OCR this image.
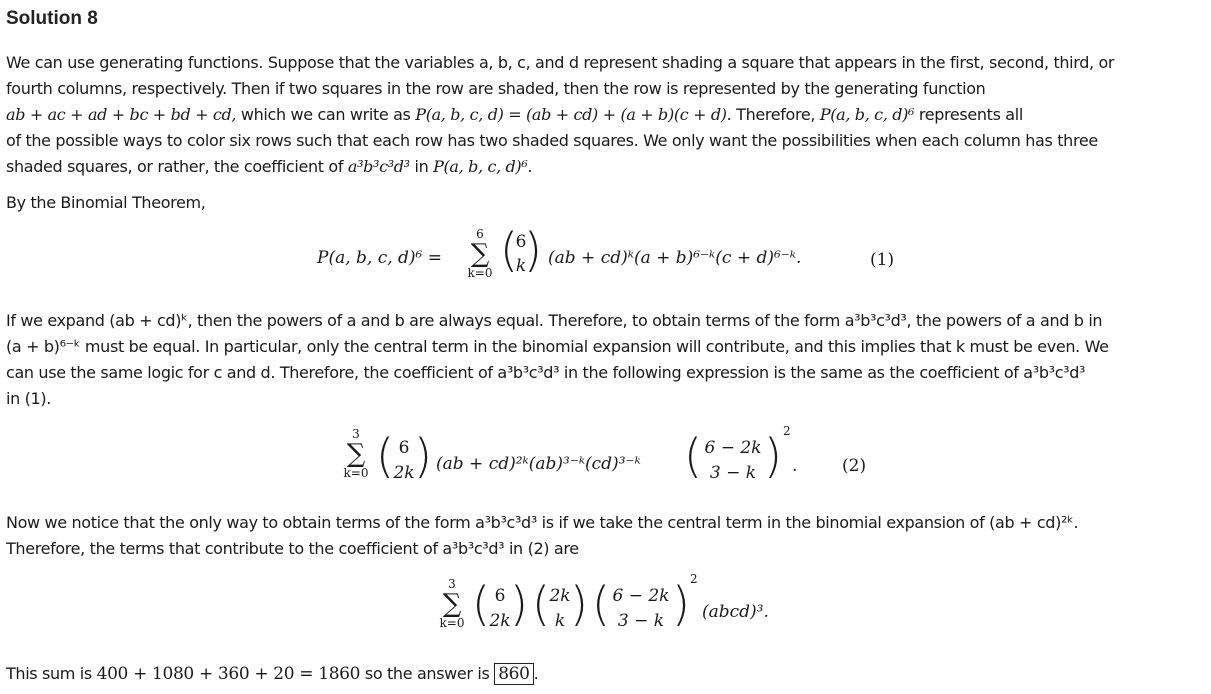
Solution 8
We can use generating functions. Suppose that the variables a, b, c, and d represent shading a square that appears in the first, second, third, or
fourth columns, respectively. Then if two squares in the row are shaded, then the row is represented by the generating function
ab + ac + ad + bc + bd + cd, which we can write as P(a, b, c, d) = (ab + cd) + (a + b)(c + d). Therefore, P(a, b, c, d)⁶ represents all
of the possible ways to color six rows such that each row has two shaded squares. We only want the possibilities when each column has three
shaded squares, or rather, the coefficient of a³b³c³d³ in P(a, b, c, d)⁶.
By the Binomial Theorem,
P(a, b, c, d)⁶ =
6
∑
k=0 (
6
k
) (ab + cd)ᵏ(a + b)⁶⁻ᵏ(c + d)⁶⁻ᵏ.	(1)
If we expand (ab + cd)ᵏ, then the powers of a and b are always equal. Therefore, to obtain terms of the form a³b³c³d³, the powers of a and b in
(a + b)⁶⁻ᵏ must be equal. In particular, only the central term in the binomial expansion will contribute, and this implies that k must be even. We
can use the same logic for c and d. Therefore, the coefficient of a³b³c³d³ in the following expression is the same as the coefficient of a³b³c³d³
in (1).
3
∑
k=0 ( 6
2k ) (ab + cd)²ᵏ(ab)³⁻ᵏ(cd)³⁻ᵏ ( 6 − 2k
3 − k ) 2
.	(2)
Now we notice that the only way to obtain terms of the form a³b³c³d³ is if we take the central term in the binomial expansion of (ab + cd)²ᵏ.
Therefore, the terms that contribute to the coefficient of a³b³c³d³ in (2) are
3
∑
k=0 ( 6
2k ) ( 2k
k ) ( 6 − 2k
3 − k ) 2
(abcd)³.
This sum is 400 + 1080 + 360 + 20 = 1860 so the answer is 860 .
